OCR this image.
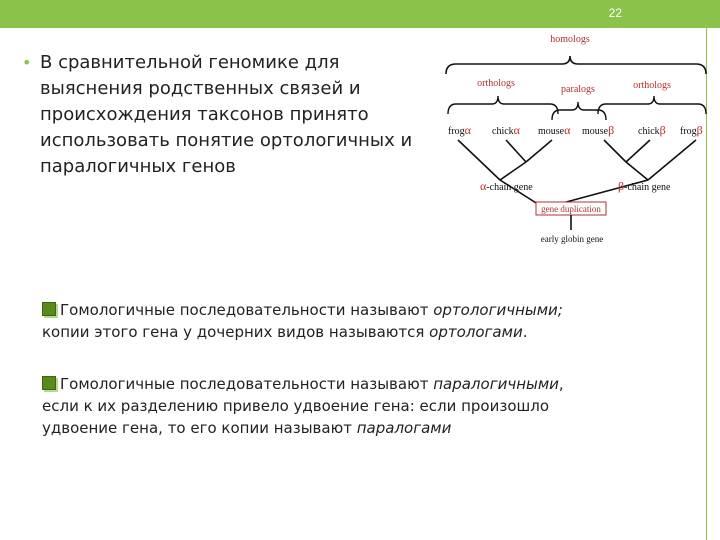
22
• В сравнительной геномике для
выяснения родственных связей и
происхождения таксонов принято
использовать понятие ортологичных и
паралогичных генов
homologs
orthologs
paralogs	orthologs
frogα chickα mouseα mouseβ chickβ frogβ
α-chain gene	β-chain gene
gene duplication
early globin gene
Гомологичные последовательности называют ортологичными;
копии этого гена у дочерних видов называются ортологами.
Гомологичные последовательности называют паралогичными,
если к их разделению привело удвоение гена: если произошло
удвоение гена, то его копии называют паралогами
